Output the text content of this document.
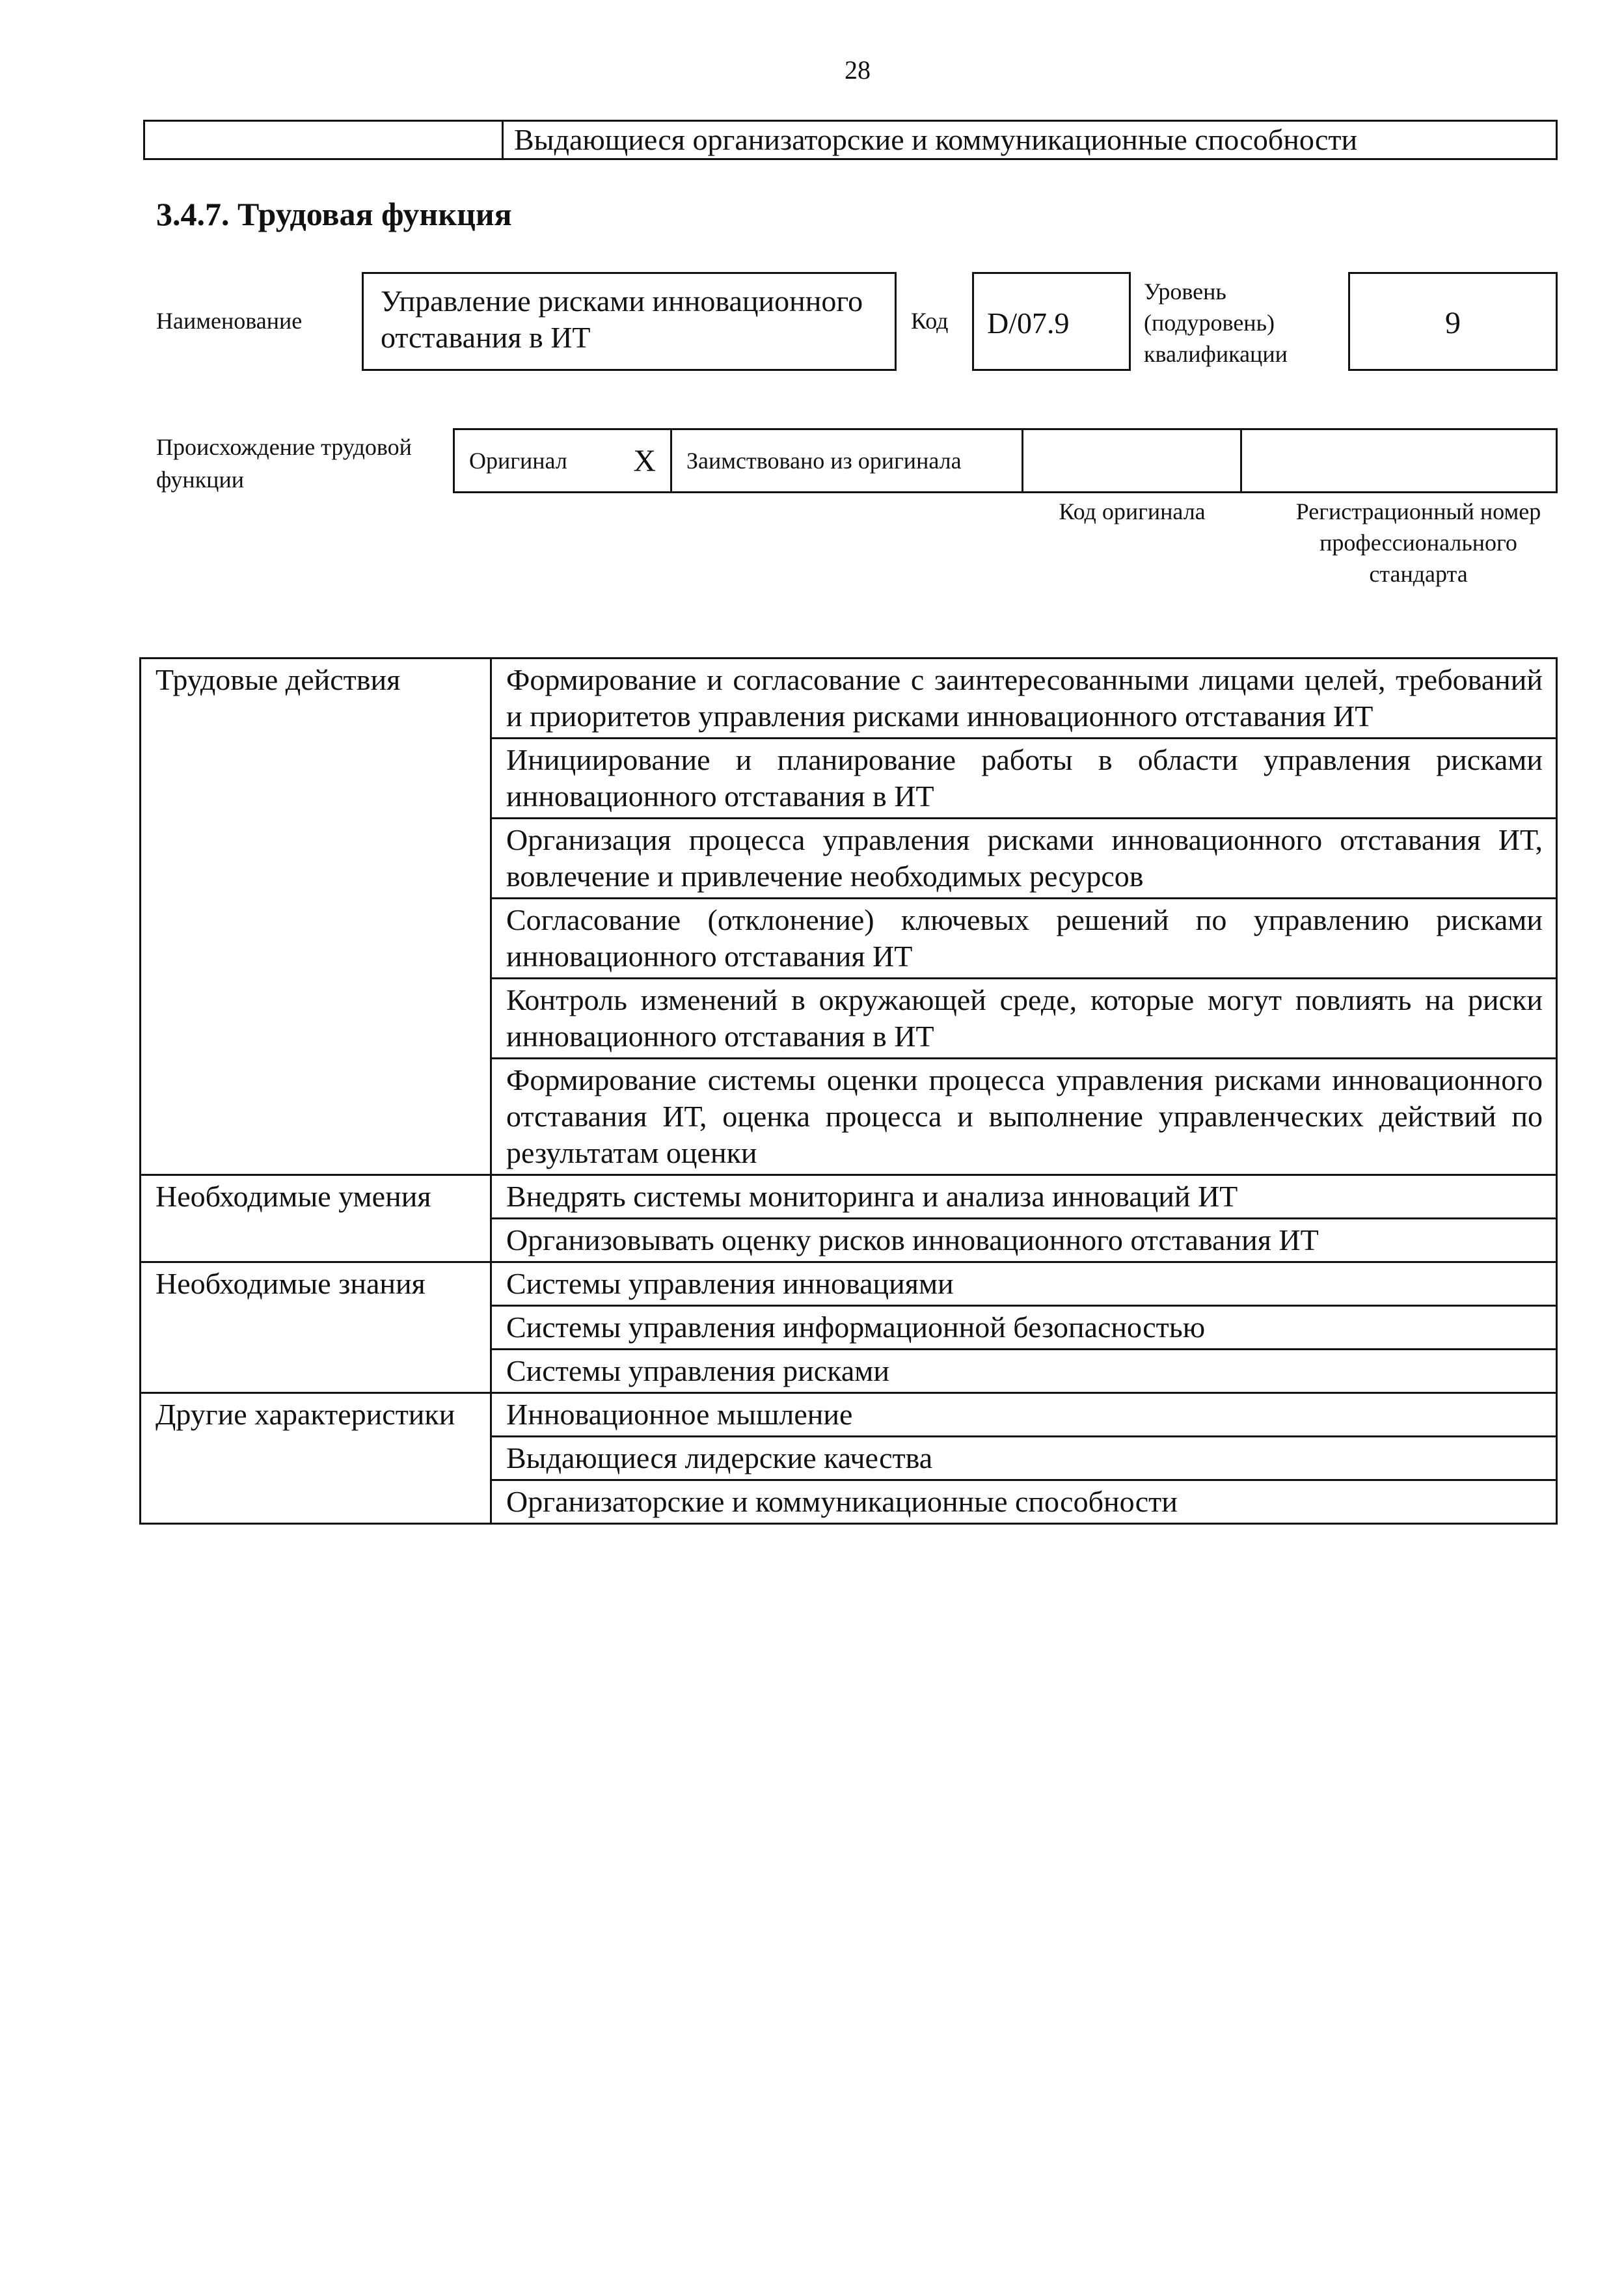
28
Выдающиеся организаторские и коммуникационные способности
3.4.7. Трудовая функция
Наименование
Управление рисками инновационного отставания в ИТ	Код	D/07.9
Уровень (подуровень) квалификации
9
Происхождение трудовой функции
Оригинал X Заимствовано из оригинала
Код оригинала	Регистрационный номер профессионального стандарта
Трудовые действия	Формирование и согласование с заинтересованными лицами целей, требований и приоритетов управления рисками инновационного отставания ИТ
	Инициирование и планирование работы в области управления рисками инновационного отставания в ИТ
	Организация процесса управления рисками инновационного отставания ИТ, вовлечение и привлечение необходимых ресурсов
	Согласование (отклонение) ключевых решений по управлению рисками инновационного отставания ИТ
	Контроль изменений в окружающей среде, которые могут повлиять на риски инновационного отставания в ИТ
	Формирование системы оценки процесса управления рисками инновационного отставания ИТ, оценка процесса и выполнение управленческих действий по результатам оценки
Необходимые умения	Внедрять системы мониторинга и анализа инноваций ИТ
	Организовывать оценку рисков инновационного отставания ИТ
Необходимые знания	Системы управления инновациями
	Системы управления информационной безопасностью
	Системы управления рисками
Другие характеристики	Инновационное мышление
	Выдающиеся лидерские качества
	Организаторские и коммуникационные способности
